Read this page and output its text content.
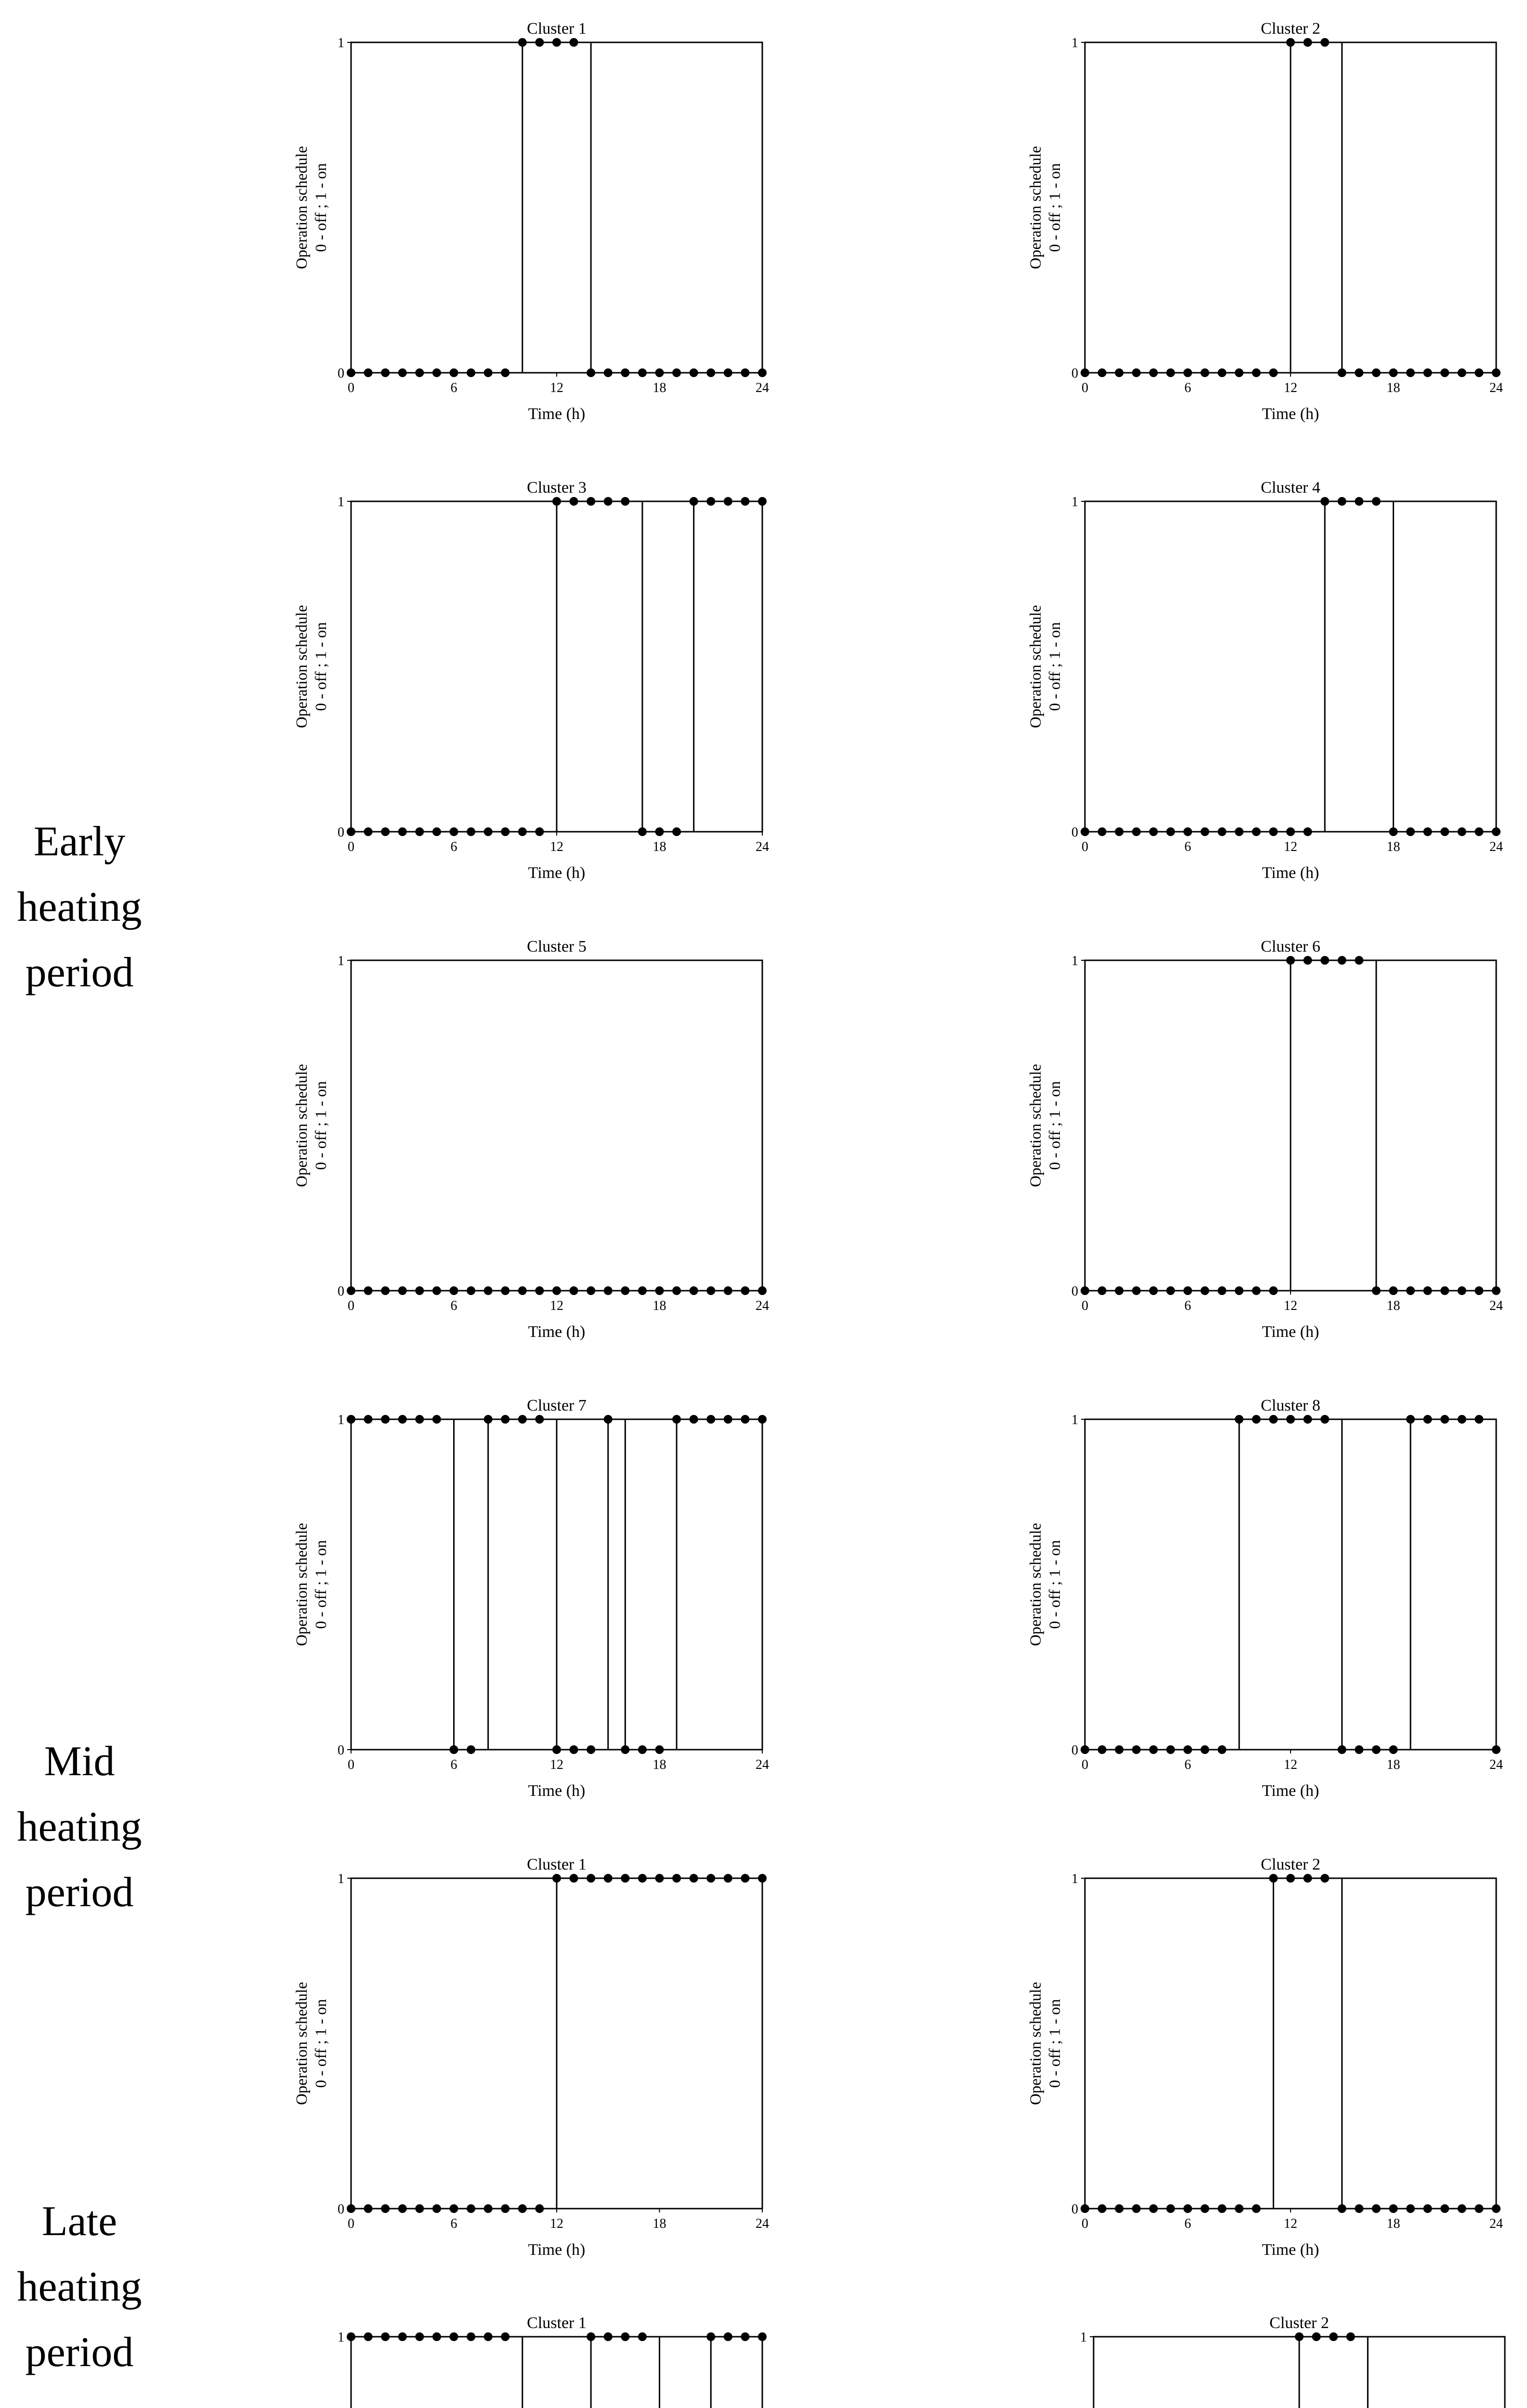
Cluster 1
0	6	12	18	24
0
1
Time (h)
Operation schedule 0 - off ; 1 - on
Cluster 2
0	6	12	18	24
0
1
Time (h)
Operation schedule 0 - off ; 1 - on
Cluster 3
0	6	12	18	24
0
1
Time (h)
Operation schedule 0 - off ; 1 - on
Cluster 4
0	6	12	18	24
0
1
Time (h)
Operation schedule 0 - off ; 1 - on
Cluster 5
0	6	12	18	24
0
1
Time (h)
Operation schedule 0 - off ; 1 - on
Cluster 6
0	6	12	18	24
0
1
Time (h)
Operation schedule 0 - off ; 1 - on
Cluster 7
0	6	12	18	24
0
1
Time (h)
Operation schedule 0 - off ; 1 - on
Cluster 8
0	6	12	18	24
0
1
Time (h)
Operation schedule 0 - off ; 1 - on
Cluster 1
0	6	12	18	24
0
1
Time (h)
Operation schedule 0 - off ; 1 - on
Cluster 2
0	6	12	18	24
0
1
Time (h)
Operation schedule 0 - off ; 1 - on
Cluster 1
1
Cluster 2
1
Early
heating
period
Mid
heating
period
Late
heating
period
